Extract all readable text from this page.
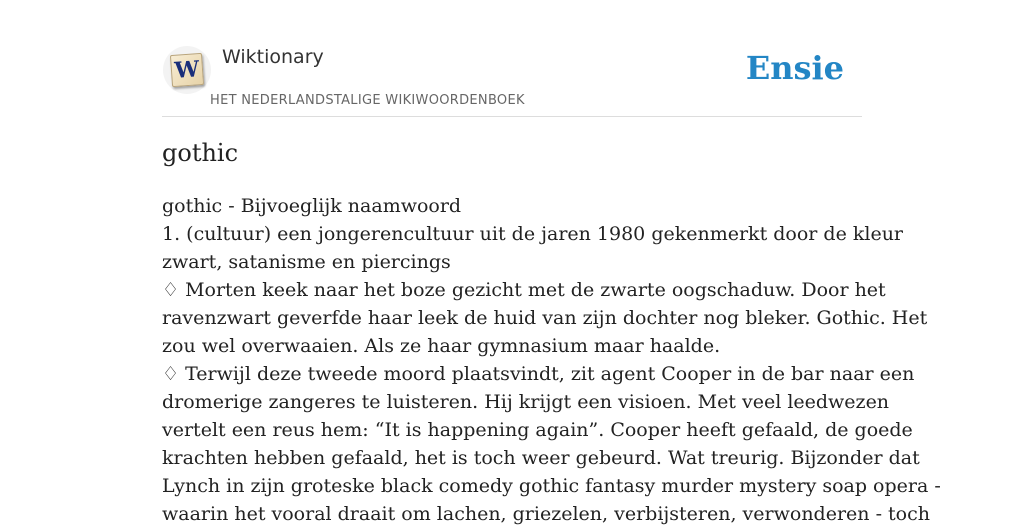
W Wiktionary
HET NEDERLANDSTALIGE WIKIWOORDENBOEK
Ensie
gothic
gothic - Bijvoeglijk naamwoord
1. (cultuur) een jongerencultuur uit de jaren 1980 gekenmerkt door de kleur
zwart, satanisme en piercings
♢ Morten keek naar het boze gezicht met de zwarte oogschaduw. Door het
ravenzwart geverfde haar leek de huid van zijn dochter nog bleker. Gothic. Het
zou wel overwaaien. Als ze haar gymnasium maar haalde.
♢ Terwijl deze tweede moord plaatsvindt, zit agent Cooper in de bar naar een
dromerige zangeres te luisteren. Hij krijgt een visioen. Met veel leedwezen
vertelt een reus hem: “It is happening again”. Cooper heeft gefaald, de goede
krachten hebben gefaald, het is toch weer gebeurd. Wat treurig. Bijzonder dat
Lynch in zijn groteske black comedy gothic fantasy murder mystery soap opera -
waarin het vooral draait om lachen, griezelen, verbijsteren, verwonderen - toch
